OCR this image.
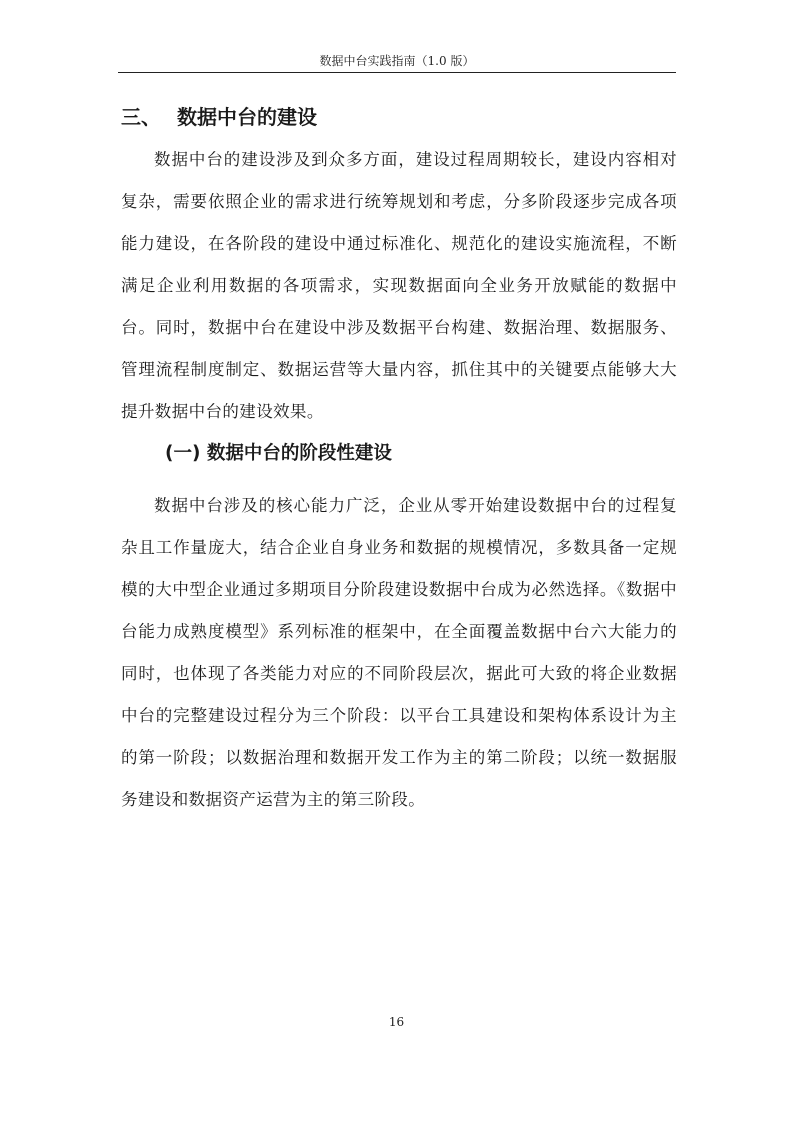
数据中台实践指南（1.0 版）
三、 数据中台的建设

数据中台的建设涉及到众多方面，建设过程周期较长，建设内容相对复杂，需要依照企业的需求进行统筹规划和考虑，分多阶段逐步完成各项能力建设，在各阶段的建设中通过标准化、规范化的建设实施流程，不断满足企业利用数据的各项需求，实现数据面向全业务开放赋能的数据中台。同时，数据中台在建设中涉及数据平台构建、数据治理、数据服务、管理流程制度制定、数据运营等大量内容，抓住其中的关键要点能够大大提升数据中台的建设效果。

(一) 数据中台的阶段性建设

数据中台涉及的核心能力广泛，企业从零开始建设数据中台的过程复杂且工作量庞大，结合企业自身业务和数据的规模情况，多数具备一定规模的大中型企业通过多期项目分阶段建设数据中台成为必然选择。《数据中台能力成熟度模型》系列标准的框架中，在全面覆盖数据中台六大能力的同时，也体现了各类能力对应的不同阶段层次，据此可大致的将企业数据中台的完整建设过程分为三个阶段：以平台工具建设和架构体系设计为主的第一阶段；以数据治理和数据开发工作为主的第二阶段；以统一数据服务建设和数据资产运营为主的第三阶段。

16
